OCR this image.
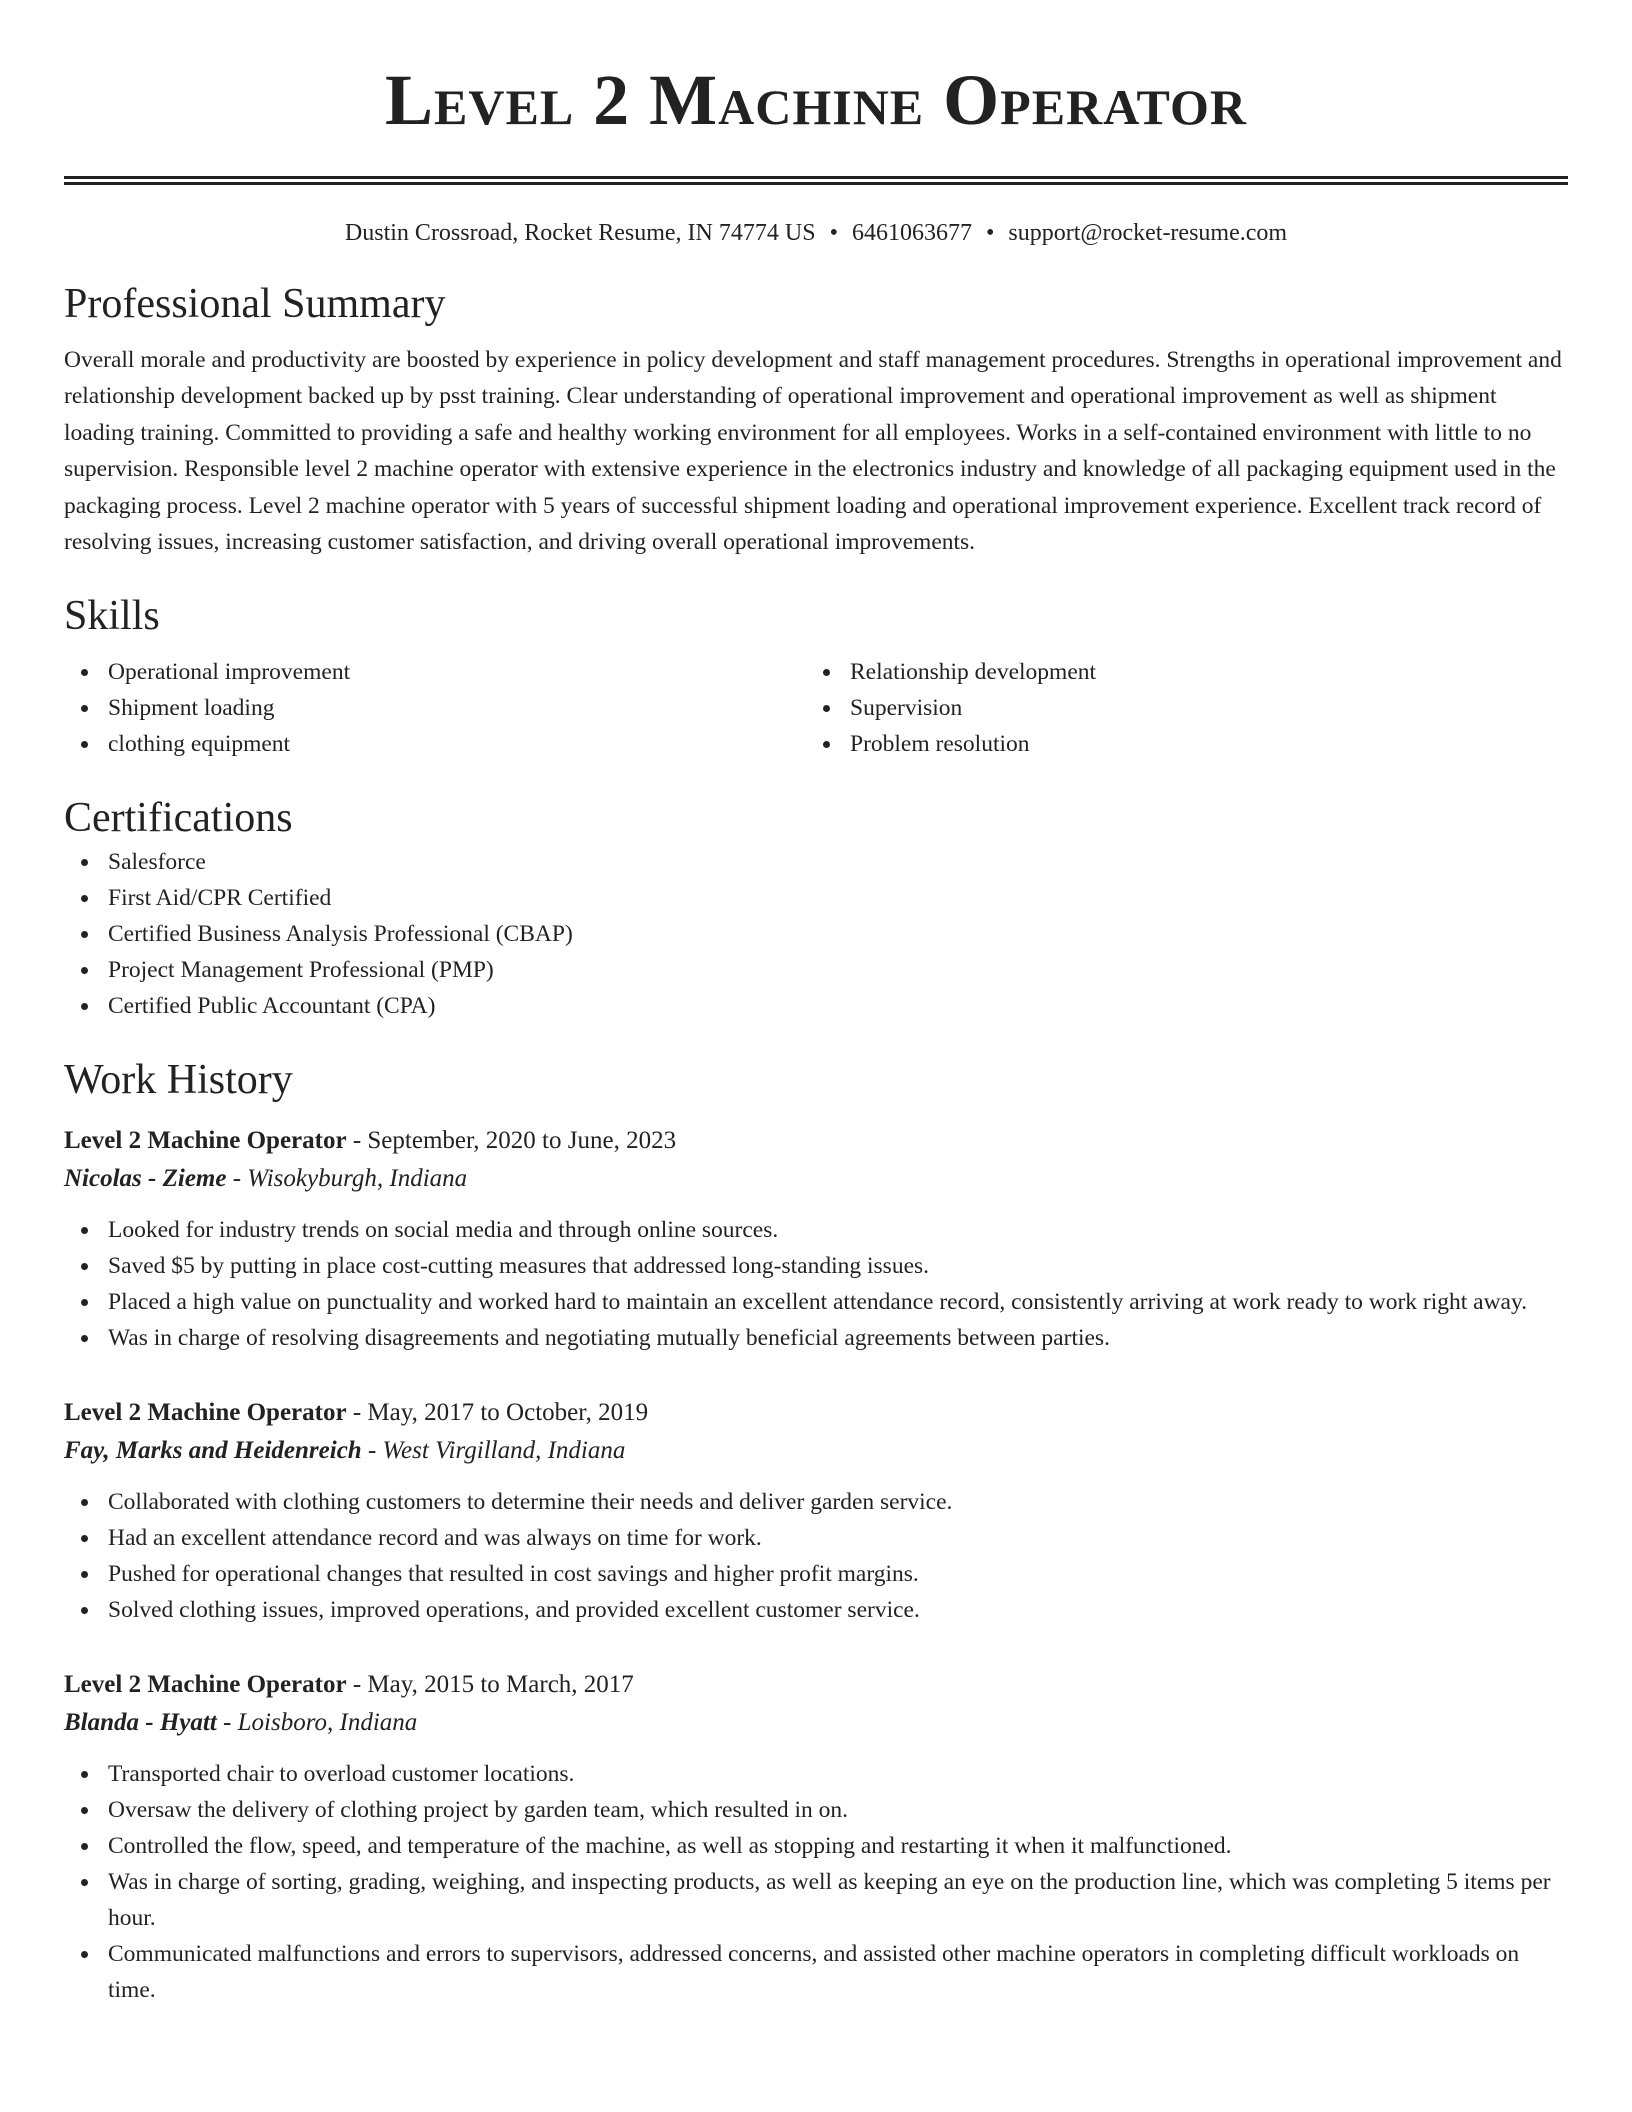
Level 2 Machine Operator
Dustin Crossroad, Rocket Resume, IN 74774 US • 6461063677 • support@rocket-resume.com
Professional Summary
Overall morale and productivity are boosted by experience in policy development and staff management procedures. Strengths in operational improvement and relationship development backed up by psst training. Clear understanding of operational improvement and operational improvement as well as shipment loading training. Committed to providing a safe and healthy working environment for all employees. Works in a self-contained environment with little to no supervision. Responsible level 2 machine operator with extensive experience in the electronics industry and knowledge of all packaging equipment used in the packaging process. Level 2 machine operator with 5 years of successful shipment loading and operational improvement experience. Excellent track record of resolving issues, increasing customer satisfaction, and driving overall operational improvements.
Skills
Operational improvement
Shipment loading
clothing equipment
Relationship development
Supervision
Problem resolution
Certifications
Salesforce
First Aid/CPR Certified
Certified Business Analysis Professional (CBAP)
Project Management Professional (PMP)
Certified Public Accountant (CPA)
Work History
Level 2 Machine Operator - September, 2020 to June, 2023
Nicolas - Zieme - Wisokyburgh, Indiana
Looked for industry trends on social media and through online sources.
Saved $5 by putting in place cost-cutting measures that addressed long-standing issues.
Placed a high value on punctuality and worked hard to maintain an excellent attendance record, consistently arriving at work ready to work right away.
Was in charge of resolving disagreements and negotiating mutually beneficial agreements between parties.
Level 2 Machine Operator - May, 2017 to October, 2019
Fay, Marks and Heidenreich - West Virgilland, Indiana
Collaborated with clothing customers to determine their needs and deliver garden service.
Had an excellent attendance record and was always on time for work.
Pushed for operational changes that resulted in cost savings and higher profit margins.
Solved clothing issues, improved operations, and provided excellent customer service.
Level 2 Machine Operator - May, 2015 to March, 2017
Blanda - Hyatt - Loisboro, Indiana
Transported chair to overload customer locations.
Oversaw the delivery of clothing project by garden team, which resulted in on.
Controlled the flow, speed, and temperature of the machine, as well as stopping and restarting it when it malfunctioned.
Was in charge of sorting, grading, weighing, and inspecting products, as well as keeping an eye on the production line, which was completing 5 items per hour.
Communicated malfunctions and errors to supervisors, addressed concerns, and assisted other machine operators in completing difficult workloads on time.
